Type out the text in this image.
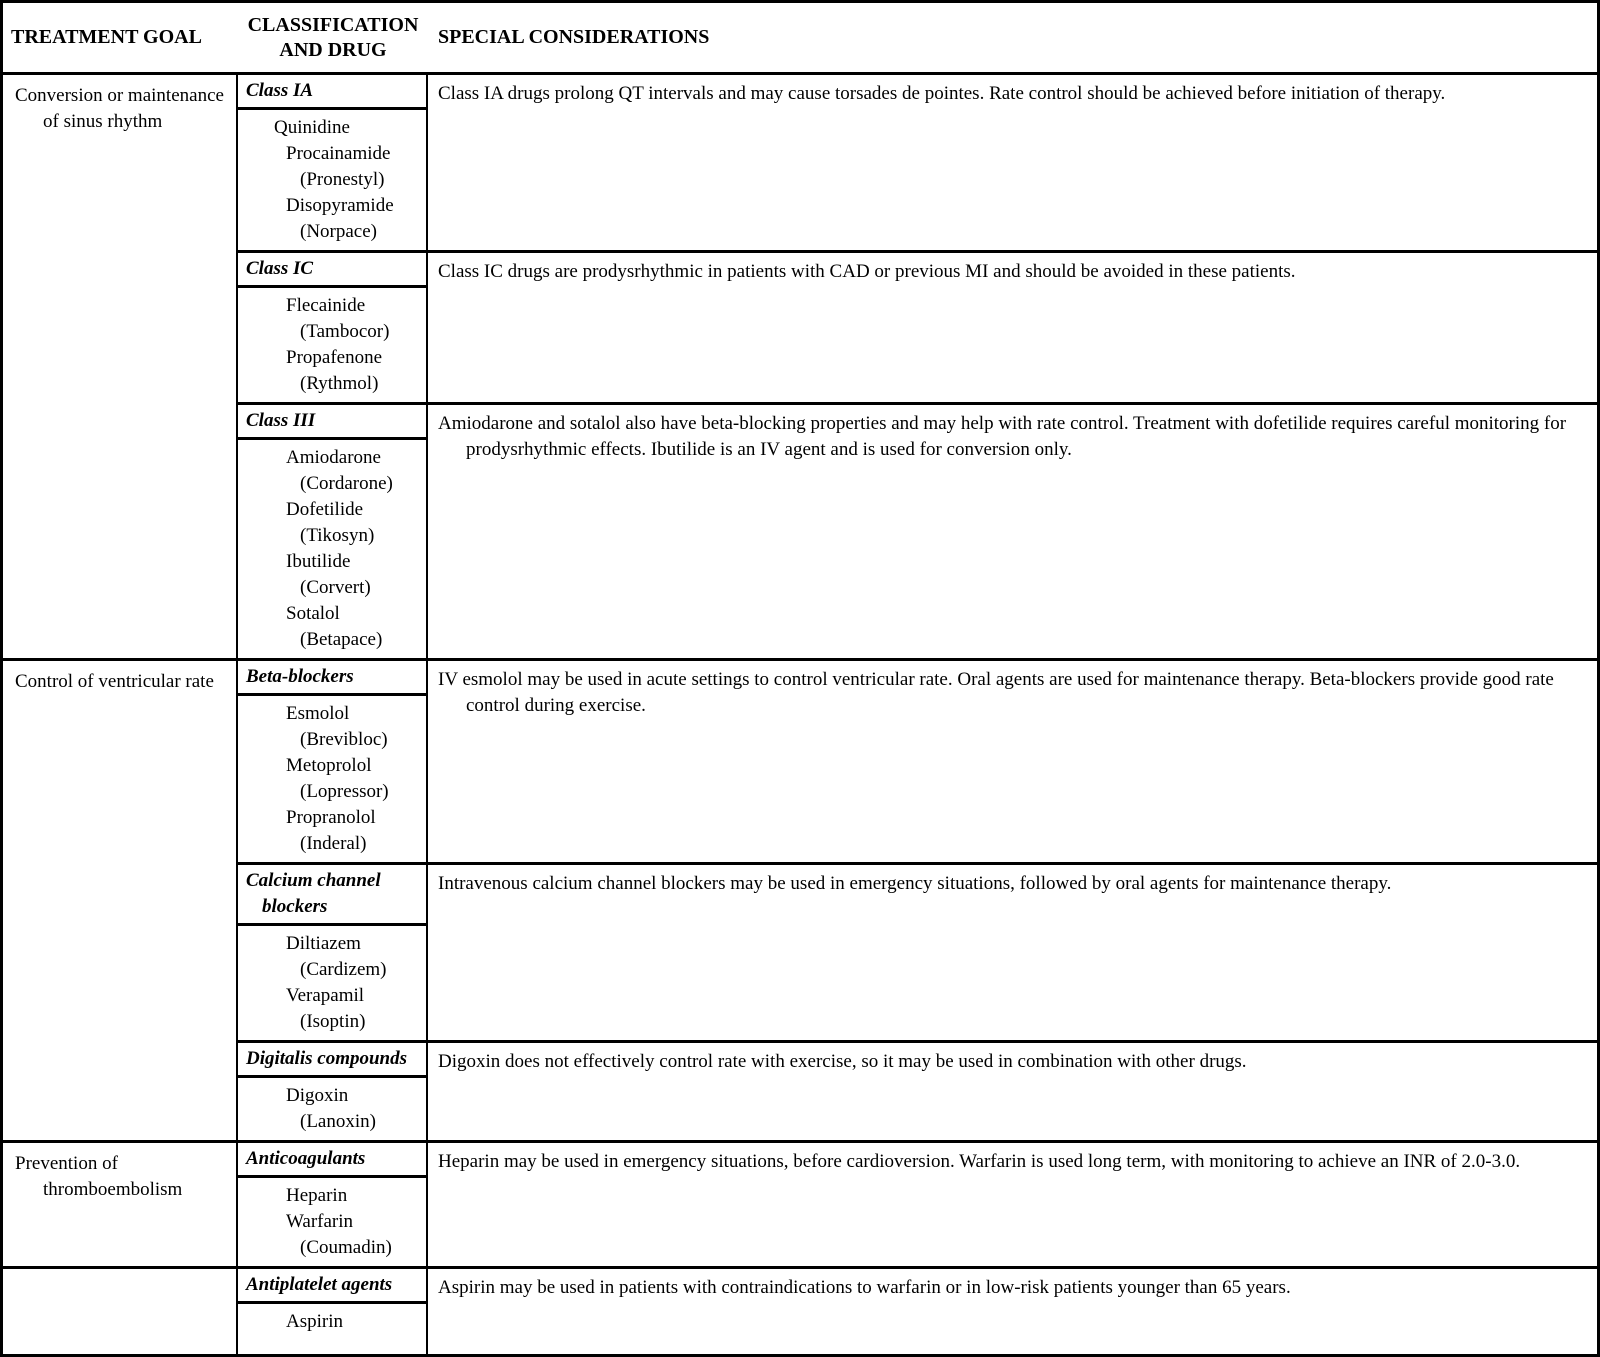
TREATMENT GOAL
CLASSIFICATION AND DRUG
SPECIAL CONSIDERATIONS
Conversion or maintenance of sinus rhythm
Class IA
Quinidine
Procainamide
(Pronestyl)
Disopyramide
(Norpace)
Class IA drugs prolong QT intervals and may cause torsades de pointes. Rate control should be achieved before initiation of therapy.
Class IC
Flecainide
(Tambocor)
Propafenone
(Rythmol)
Class IC drugs are prodysrhythmic in patients with CAD or previous MI and should be avoided in these patients.
Class III
Amiodarone
(Cordarone)
Dofetilide
(Tikosyn)
Ibutilide
(Corvert)
Sotalol
(Betapace)
Amiodarone and sotalol also have beta-blocking properties and may help with rate control. Treatment with dofetilide requires careful monitoring for prodysrhythmic effects. Ibutilide is an IV agent and is used for conversion only.
Control of ventricular rate	Beta-blockers
Esmolol
(Brevibloc)
Metoprolol
(Lopressor)
Propranolol
(Inderal)
IV esmolol may be used in acute settings to control ventricular rate. Oral agents are used for maintenance therapy. Beta-blockers provide good rate control during exercise.
Calcium channel blockers
Diltiazem
(Cardizem)
Verapamil
(Isoptin)
Intravenous calcium channel blockers may be used in emergency situations, followed by oral agents for maintenance therapy.
Digitalis compounds
Digoxin
(Lanoxin)
Digoxin does not effectively control rate with exercise, so it may be used in combination with other drugs.
Prevention of thromboembolism
Anticoagulants
Heparin
Warfarin
(Coumadin)
Heparin may be used in emergency situations, before cardioversion. Warfarin is used long term, with monitoring to achieve an INR of 2.0-3.0.
Antiplatelet agents
Aspirin
Aspirin may be used in patients with contraindications to warfarin or in low-risk patients younger than 65 years.
